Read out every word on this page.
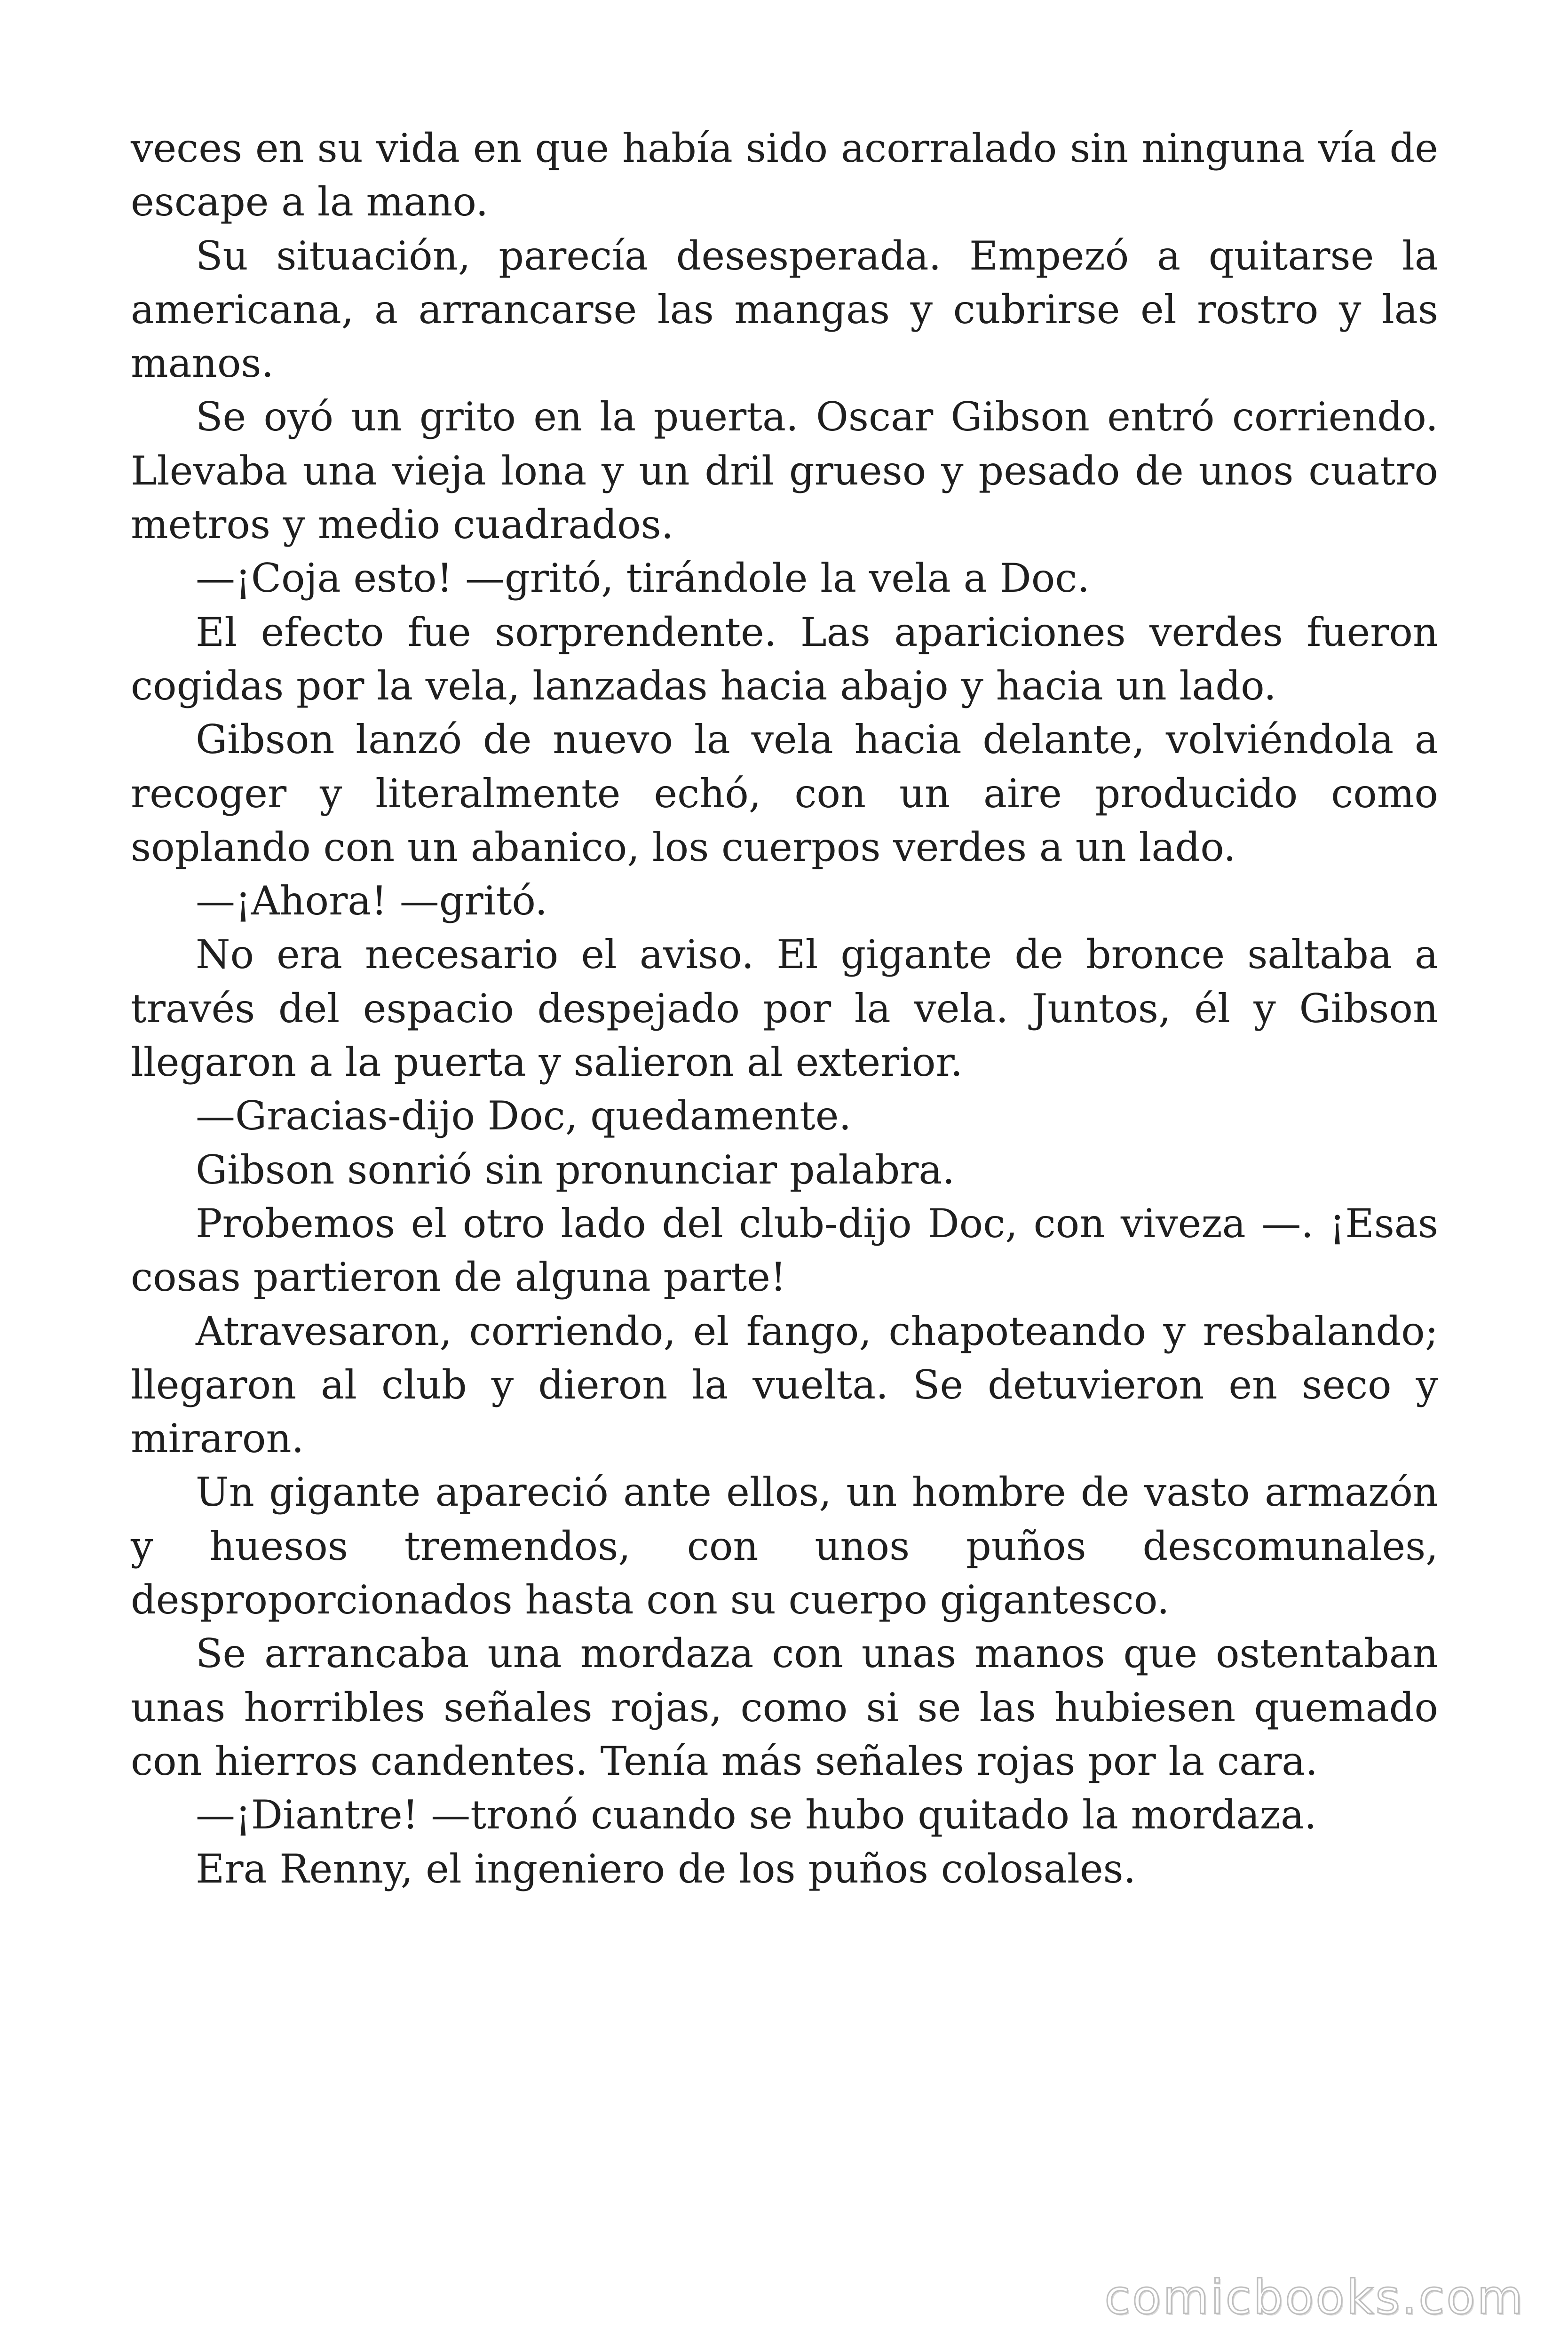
veces en su vida en que había sido acorralado sin ninguna vía de escape a la mano.

Su situación, parecía desesperada. Empezó a quitarse la americana, a arrancarse las mangas y cubrirse el rostro y las manos.

Se oyó un grito en la puerta. Oscar Gibson entró corriendo. Llevaba una vieja lona y un dril grueso y pesado de unos cuatro metros y medio cuadrados.

—¡Coja esto! —gritó, tirándole la vela a Doc.

El efecto fue sorprendente. Las apariciones verdes fueron cogidas por la vela, lanzadas hacia abajo y hacia un lado.

Gibson lanzó de nuevo la vela hacia delante, volviéndola a recoger y literalmente echó, con un aire producido como soplando con un abanico, los cuerpos verdes a un lado.

—¡Ahora! —gritó.

No era necesario el aviso. El gigante de bronce saltaba a través del espacio despejado por la vela. Juntos, él y Gibson llegaron a la puerta y salieron al exterior.

—Gracias-dijo Doc, quedamente.

Gibson sonrió sin pronunciar palabra.

Probemos el otro lado del club-dijo Doc, con viveza —. ¡Esas cosas partieron de alguna parte!

Atravesaron, corriendo, el fango, chapoteando y resbalando; llegaron al club y dieron la vuelta. Se detuvieron en seco y miraron.

Un gigante apareció ante ellos, un hombre de vasto armazón y huesos tremendos, con unos puños descomunales, desproporcionados hasta con su cuerpo gigantesco.

Se arrancaba una mordaza con unas manos que ostentaban unas horribles señales rojas, como si se las hubiesen quemado con hierros candentes. Tenía más señales rojas por la cara.

—¡Diantre! —tronó cuando se hubo quitado la mordaza.

Era Renny, el ingeniero de los puños colosales.

comicbooks.com
